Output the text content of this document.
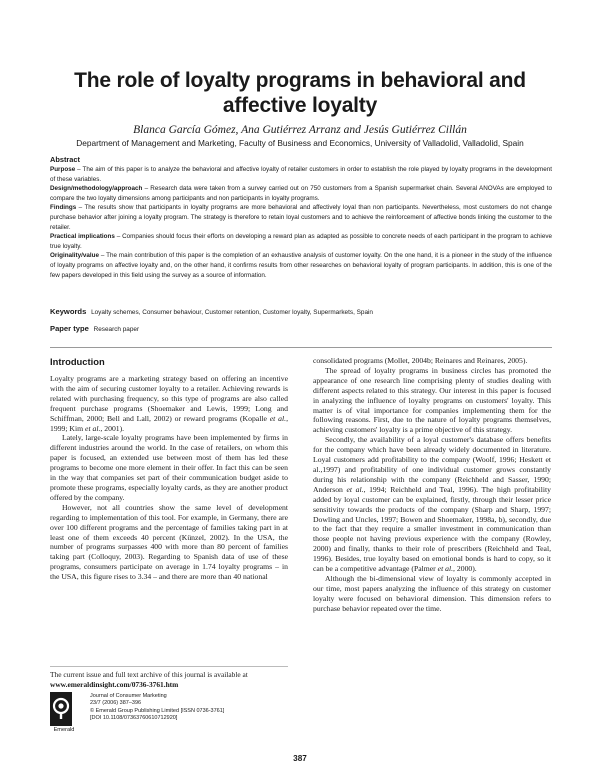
The role of loyalty programs in behavioral and
affective loyalty
Blanca García Gómez, Ana Gutiérrez Arranz and Jesús Gutiérrez Cillán
Department of Management and Marketing, Faculty of Business and Economics, University of Valladolid, Valladolid, Spain
Abstract

Purpose – The aim of this paper is to analyze the behavioral and affective loyalty of retailer customers in order to establish the role played by loyalty programs in the development of these variables.

Design/methodology/approach – Research data were taken from a survey carried out on 750 customers from a Spanish supermarket chain. Several ANOVAs are employed to compare the two loyalty dimensions among participants and non participants in loyalty programs.

Findings – The results show that participants in loyalty programs are more behavioral and affectively loyal than non participants. Nevertheless, most customers do not change purchase behavior after joining a loyalty program. The strategy is therefore to retain loyal customers and to achieve the reinforcement of affective bonds linking the customer to the retailer.

Practical implications – Companies should focus their efforts on developing a reward plan as adapted as possible to concrete needs of each participant in the program to achieve true loyalty.

Originality/value – The main contribution of this paper is the completion of an exhaustive analysis of customer loyalty. On the one hand, it is a pioneer in the study of the influence of loyalty programs on affective loyalty and, on the other hand, it confirms results from other researches on behavioral loyalty of program participants. In addition, this is one of the few papers developed in this field using the survey as a source of information.

Keywords Loyalty schemes, Consumer behaviour, Customer retention, Customer loyalty, Supermarkets, Spain
Paper type Research paper
Introduction

Loyalty programs are a marketing strategy based on offering an incentive with the aim of securing customer loyalty to a retailer. Achieving rewards is related with purchasing frequency, so this type of programs are also called frequent purchase programs (Shoemaker and Lewis, 1999; Long and Schiffman, 2000; Bell and Lall, 2002) or reward programs (Kopalle et al., 1999; Kim et al., 2001).

Lately, large-scale loyalty programs have been implemented by firms in different industries around the world. In the case of retailers, on whom this paper is focused, an extended use between most of them has led these programs to become one more element in their offer. In fact this can be seen in the way that companies set part of their communication budget aside to promote these programs, especially loyalty cards, as they are another product offered by the company.

However, not all countries show the same level of development regarding to implementation of this tool. For example, in Germany, there are over 100 different programs and the percentage of families taking part in at least one of them exceeds 40 percent (Künzel, 2002). In the USA, the number of programs surpasses 400 with more than 80 percent of families taking part (Colloquy, 2003). Regarding to Spanish data of use of these programs, consumers participate on average in 1.74 loyalty programs – in the USA, this figure rises to 3.34 – and there are more than 40 national

consolidated programs (Mollet, 2004b; Reinares and Reinares, 2005).

The spread of loyalty programs in business circles has promoted the appearance of one research line comprising plenty of studies dealing with different aspects related to this strategy. Our interest in this paper is focused in analyzing the influence of loyalty programs on customers' loyalty. This matter is of vital importance for companies implementing them for the following reasons. First, due to the nature of loyalty programs themselves, achieving customers' loyalty is a prime objective of this strategy.

Secondly, the availability of a loyal customer's database offers benefits for the company which have been already widely documented in literature. Loyal customers add profitability to the company (Woolf, 1996; Heskett et al.,1997) and profitability of one individual customer grows constantly during his relationship with the company (Reichheld and Sasser, 1990; Anderson et al., 1994; Reichheld and Teal, 1996). The high profitability added by loyal customer can be explained, firstly, through their lesser price sensitivity towards the products of the company (Sharp and Sharp, 1997; Dowling and Uncles, 1997; Bowen and Shoemaker, 1998a, b), secondly, due to the fact that they require a smaller investment in communication than those people not having previous experience with the company (Rowley, 2000) and finally, thanks to their role of prescribers (Reichheld and Teal, 1996). Besides, true loyalty based on emotional bonds is hard to copy, so it can be a competitive advantage (Palmer et al., 2000).

Although the bi-dimensional view of loyalty is commonly accepted in our time, most papers analyzing the influence of this strategy on customer loyalty were focused on behavioral dimension. This dimension refers to purchase behavior repeated over the time.

The current issue and full text archive of this journal is available at
www.emeraldinsight.com/0736-3761.htm
Emerald
Journal of Consumer Marketing
23/7 (2006) 387–396
© Emerald Group Publishing Limited [ISSN 0736-3761]
[DOI 10.1108/07363760610712920]
387
